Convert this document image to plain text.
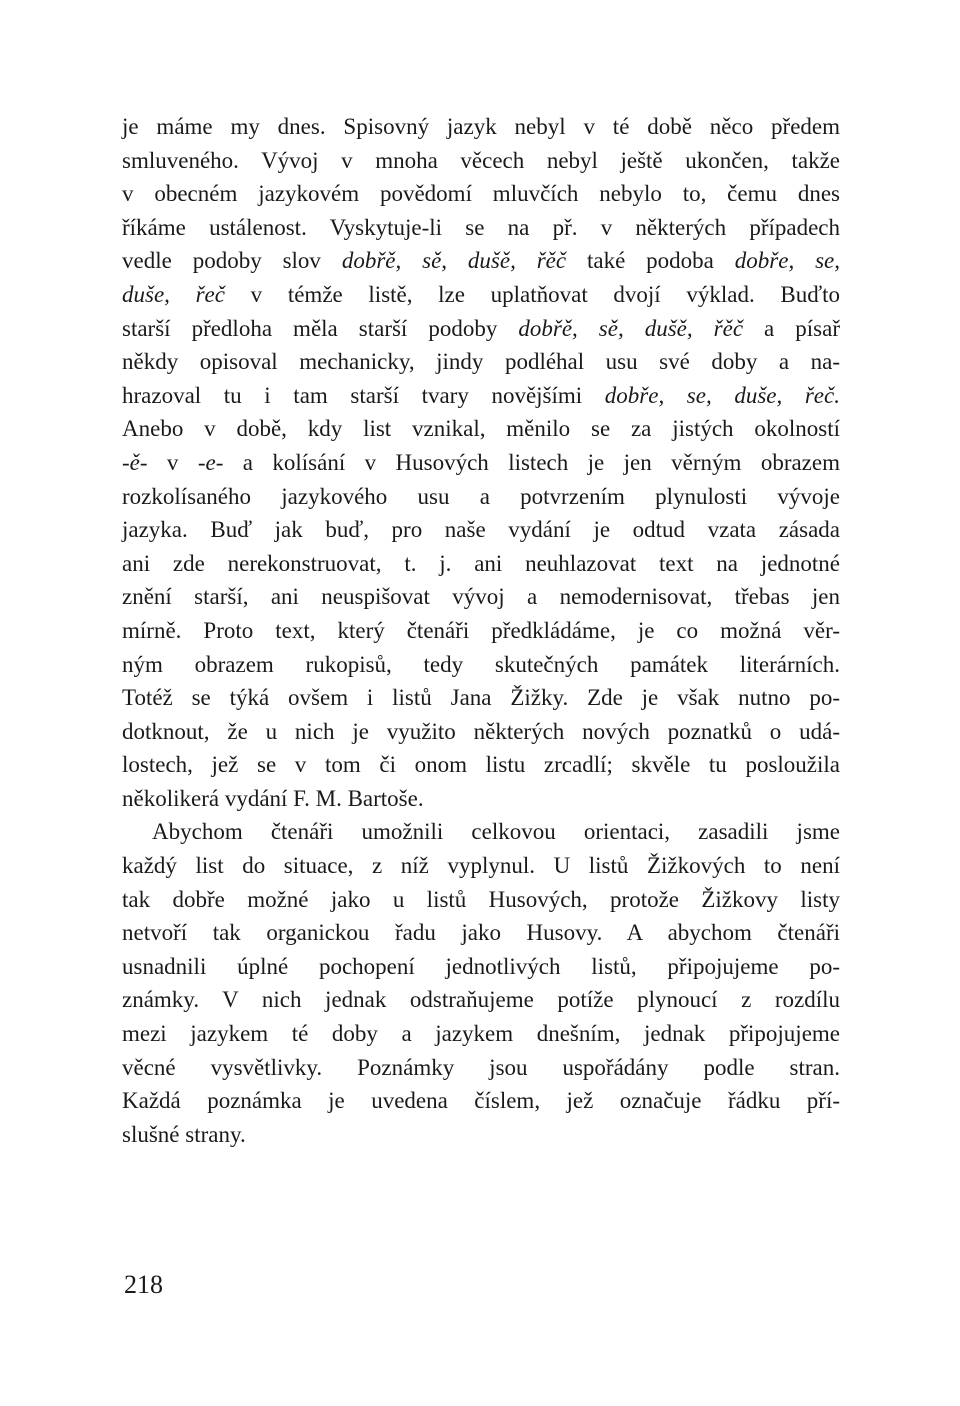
je máme my dnes. Spisovný jazyk nebyl v té době něco předem
smluveného. Vývoj v mnoha věcech nebyl ještě ukončen, takže
v obecném jazykovém povědomí mluvčích nebylo to, čemu dnes
říkáme ustálenost. Vyskytuje-li se na př. v některých případech
vedle podoby slov dobřě, sě, dušě, řěč také podoba dobře, se,
duše, řeč v témže listě, lze uplatňovat dvojí výklad. Buďto
starší předloha měla starší podoby dobřě, sě, dušě, řěč a písař
někdy opisoval mechanicky, jindy podléhal usu své doby a na-
hrazoval tu i tam starší tvary novějšími dobře, se, duše, řeč.
Anebo v době, kdy list vznikal, měnilo se za jistých okolností
-ě- v -e- a kolísání v Husových listech je jen věrným obrazem
rozkolísaného jazykového usu a potvrzením plynulosti vývoje
jazyka. Buď jak buď, pro naše vydání je odtud vzata zásada
ani zde nerekonstruovat, t. j. ani neuhlazovat text na jednotné
znění starší, ani neuspišovat vývoj a nemodernisovat, třebas jen
mírně. Proto text, který čtenáři předkládáme, je co možná věr-
ným obrazem rukopisů, tedy skutečných památek literárních.
Totéž se týká ovšem i listů Jana Žižky. Zde je však nutno po-
dotknout, že u nich je využito některých nových poznatků o udá-
lostech, jež se v tom či onom listu zrcadlí; skvěle tu posloužila
několikerá vydání F. M. Bartoše.
Abychom čtenáři umožnili celkovou orientaci, zasadili jsme
každý list do situace, z níž vyplynul. U listů Žižkových to není
tak dobře možné jako u listů Husových, protože Žižkovy listy
netvoří tak organickou řadu jako Husovy. A abychom čtenáři
usnadnili úplné pochopení jednotlivých listů, připojujeme po-
známky. V nich jednak odstraňujeme potíže plynoucí z rozdílu
mezi jazykem té doby a jazykem dnešním, jednak připojujeme
věcné vysvětlivky. Poznámky jsou uspořádány podle stran.
Každá poznámka je uvedena číslem, jež označuje řádku pří-
slušné strany.
218
